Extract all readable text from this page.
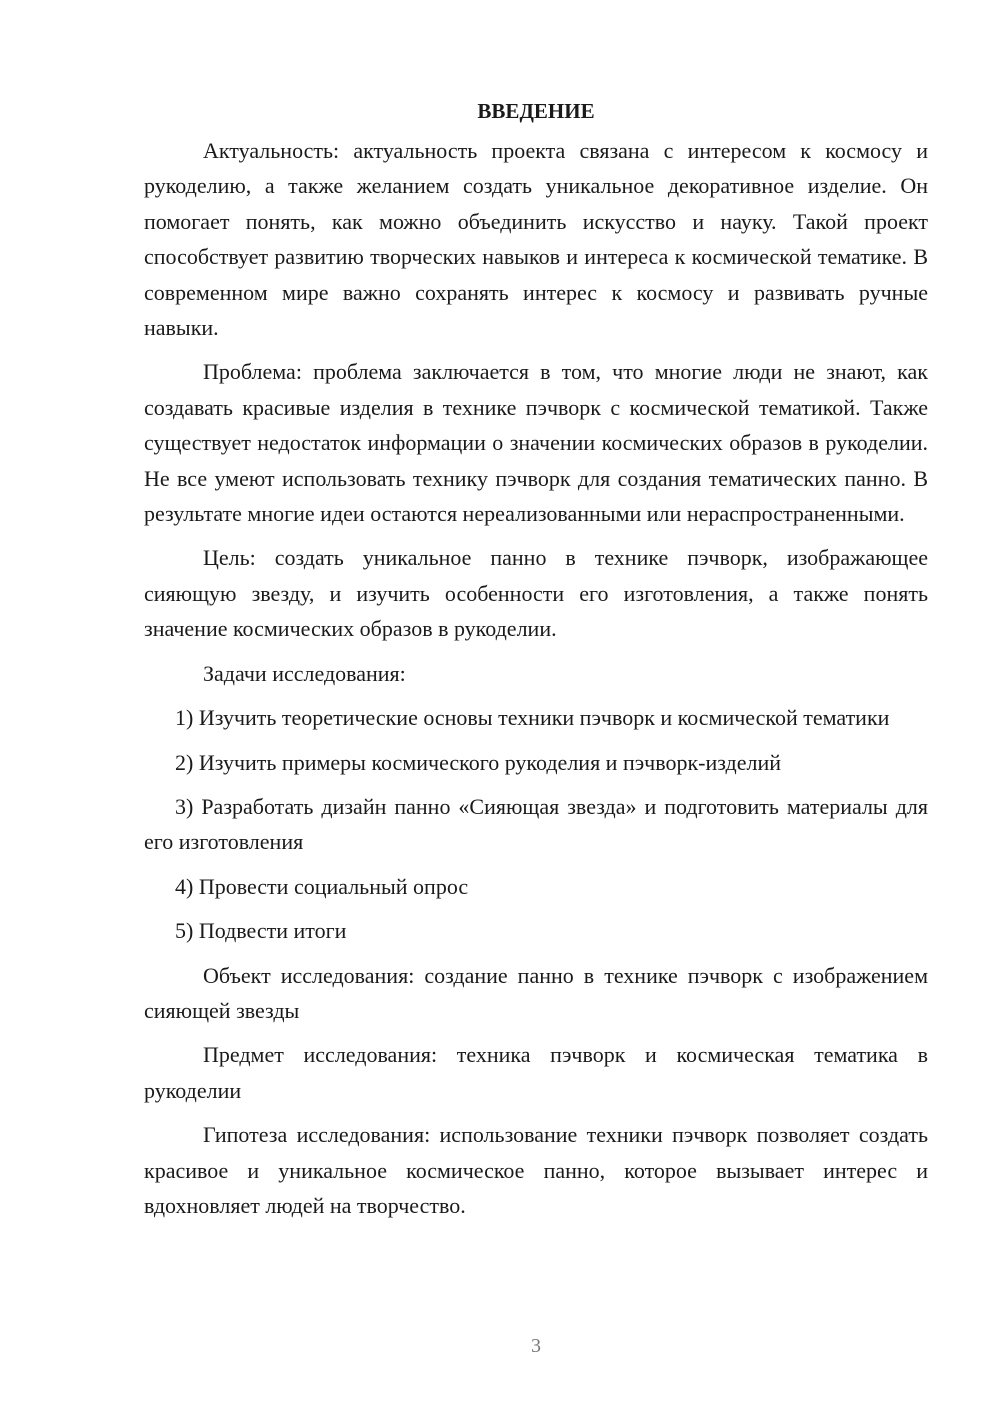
ВВЕДЕНИЕ

Актуальность: актуальность проекта связана с интересом к космосу и рукоделию, а также желанием создать уникальное декоративное изделие. Он помогает понять, как можно объединить искусство и науку. Такой проект способствует развитию творческих навыков и интереса к космической тематике. В современном мире важно сохранять интерес к космосу и развивать ручные навыки.

Проблема: проблема заключается в том, что многие люди не знают, как создавать красивые изделия в технике пэчворк с космической тематикой. Также существует недостаток информации о значении космических образов в рукоделии. Не все умеют использовать технику пэчворк для создания тематических панно. В результате многие идеи остаются нереализованными или нераспространенными.

Цель: создать уникальное панно в технике пэчворк, изображающее сияющую звезду, и изучить особенности его изготовления, а также понять значение космических образов в рукоделии.

Задачи исследования:

1) Изучить теоретические основы техники пэчворк и космической тематики

2) Изучить примеры космического рукоделия и пэчворк-изделий

3) Разработать дизайн панно «Сияющая звезда» и подготовить материалы для его изготовления

4) Провести социальный опрос

5) Подвести итоги

Объект исследования: создание панно в технике пэчворк с изображением сияющей звезды

Предмет исследования: техника пэчворк и космическая тематика в рукоделии

Гипотеза исследования: использование техники пэчворк позволяет создать красивое и уникальное космическое панно, которое вызывает интерес и вдохновляет людей на творчество.

3
